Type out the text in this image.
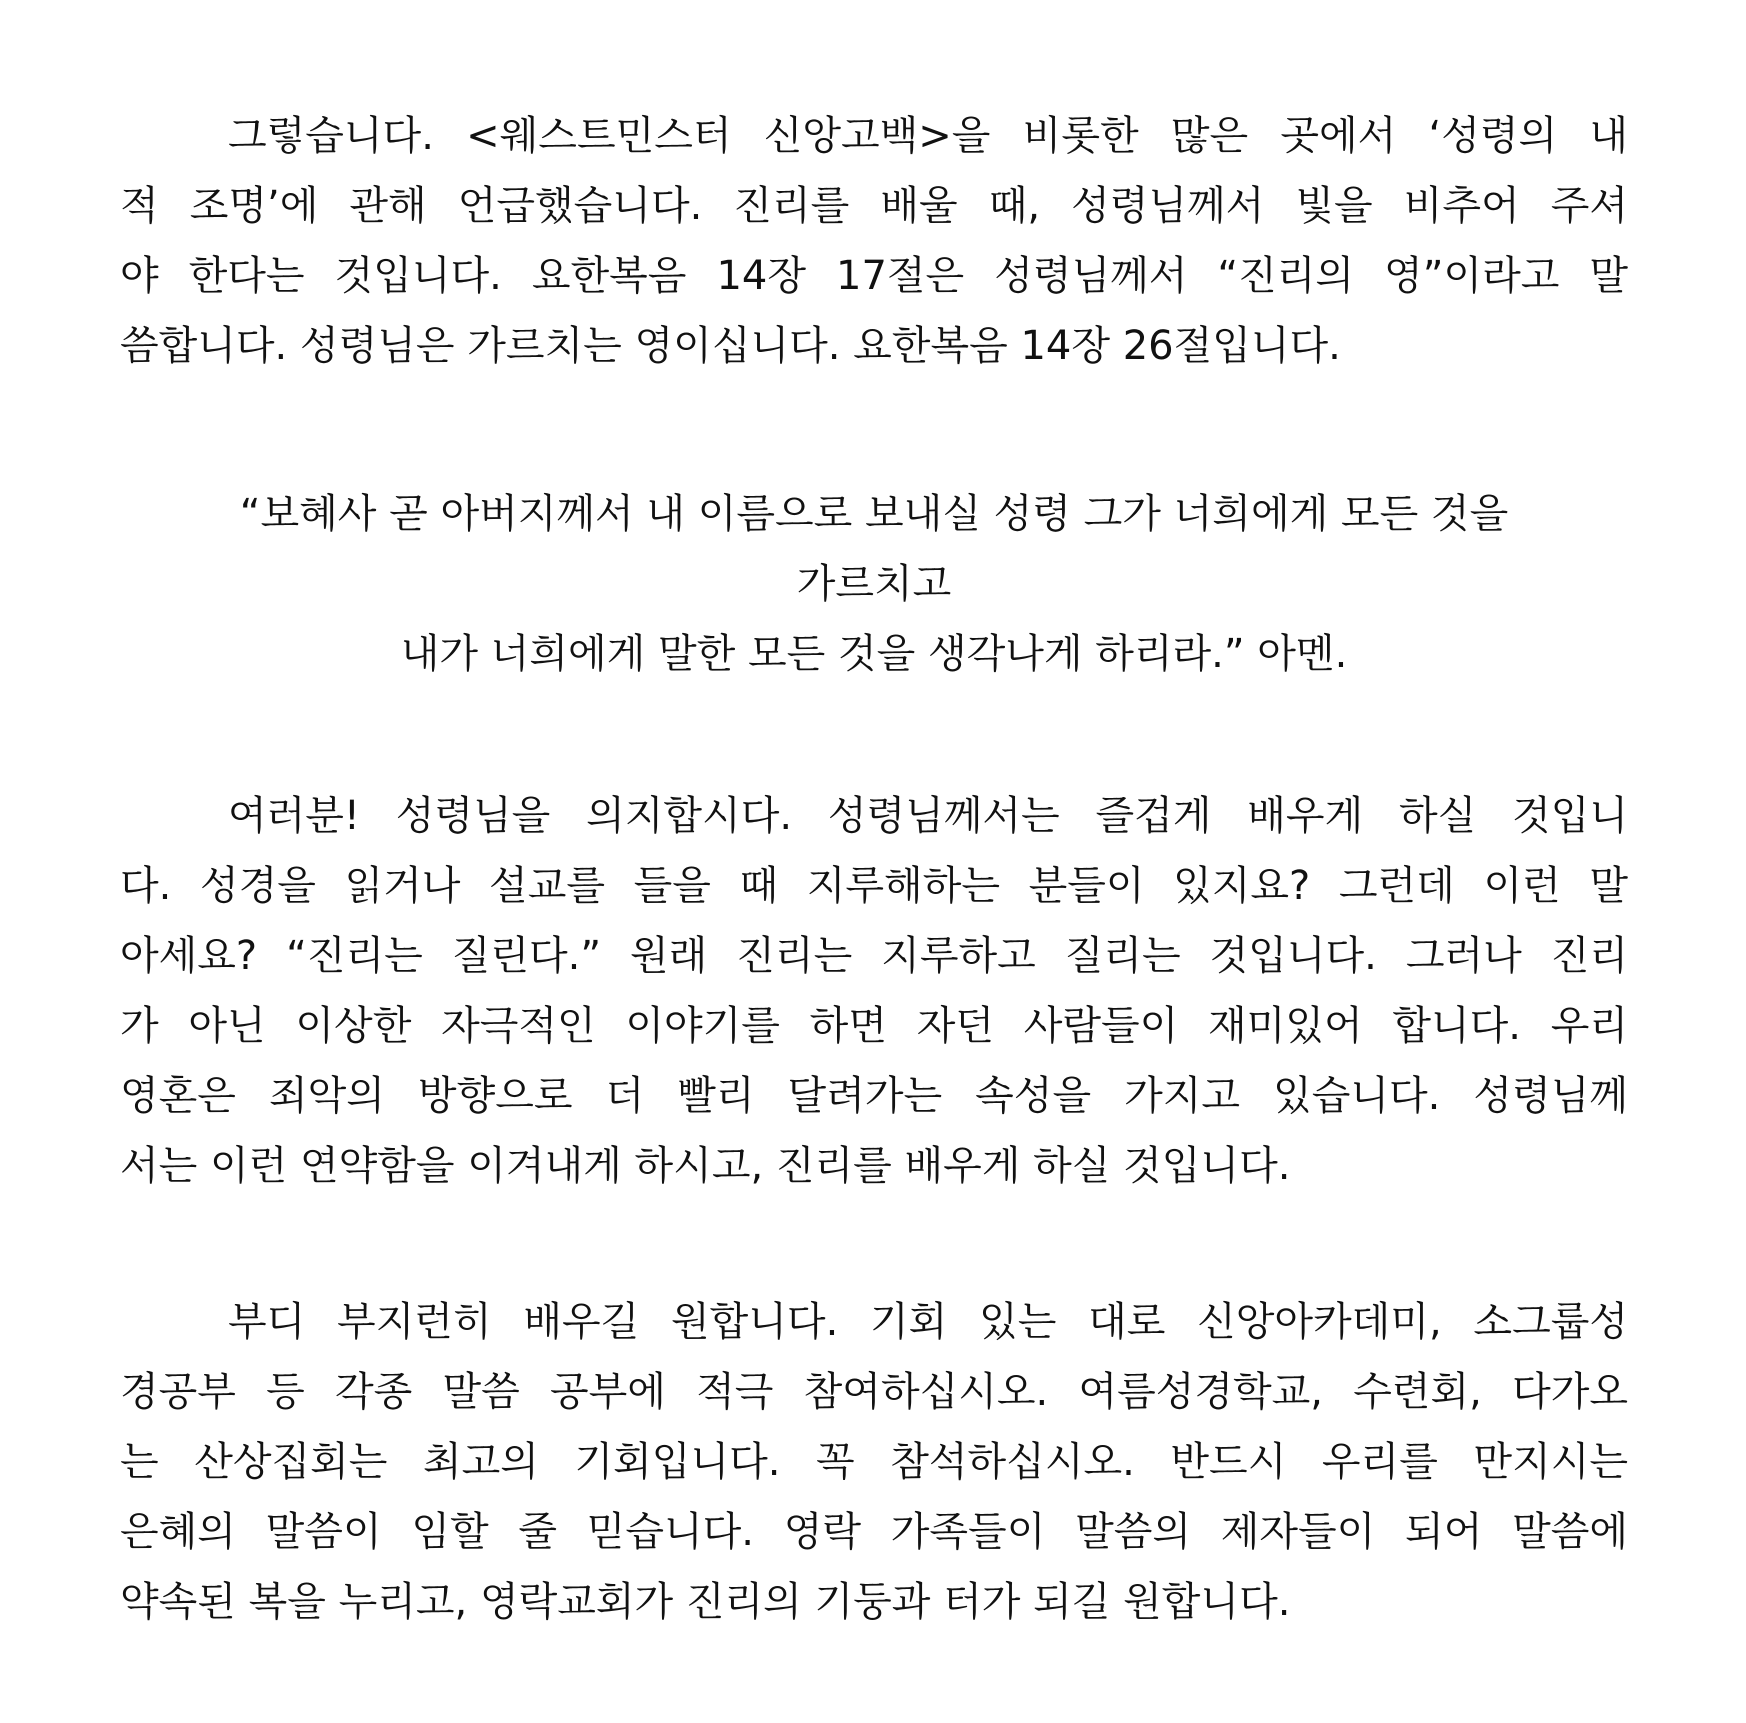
그렇습니다. <웨스트민스터 신앙고백>을 비롯한 많은 곳에서 ‘성령의 내
적 조명’에 관해 언급했습니다. 진리를 배울 때, 성령님께서 빛을 비추어 주셔
야 한다는 것입니다. 요한복음 14장 17절은 성령님께서 “진리의 영”이라고 말
씀합니다. 성령님은 가르치는 영이십니다. 요한복음 14장 26절입니다.
“보혜사 곧 아버지께서 내 이름으로 보내실 성령 그가 너희에게 모든 것을
가르치고
내가 너희에게 말한 모든 것을 생각나게 하리라.” 아멘.
여러분! 성령님을 의지합시다. 성령님께서는 즐겁게 배우게 하실 것입니
다. 성경을 읽거나 설교를 들을 때 지루해하는 분들이 있지요? 그런데 이런 말
아세요? “진리는 질린다.” 원래 진리는 지루하고 질리는 것입니다. 그러나 진리
가 아닌 이상한 자극적인 이야기를 하면 자던 사람들이 재미있어 합니다. 우리
영혼은 죄악의 방향으로 더 빨리 달려가는 속성을 가지고 있습니다. 성령님께
서는 이런 연약함을 이겨내게 하시고, 진리를 배우게 하실 것입니다.
부디 부지런히 배우길 원합니다. 기회 있는 대로 신앙아카데미, 소그룹성
경공부 등 각종 말씀 공부에 적극 참여하십시오. 여름성경학교, 수련회, 다가오
는 산상집회는 최고의 기회입니다. 꼭 참석하십시오. 반드시 우리를 만지시는
은혜의 말씀이 임할 줄 믿습니다. 영락 가족들이 말씀의 제자들이 되어 말씀에
약속된 복을 누리고, 영락교회가 진리의 기둥과 터가 되길 원합니다.
